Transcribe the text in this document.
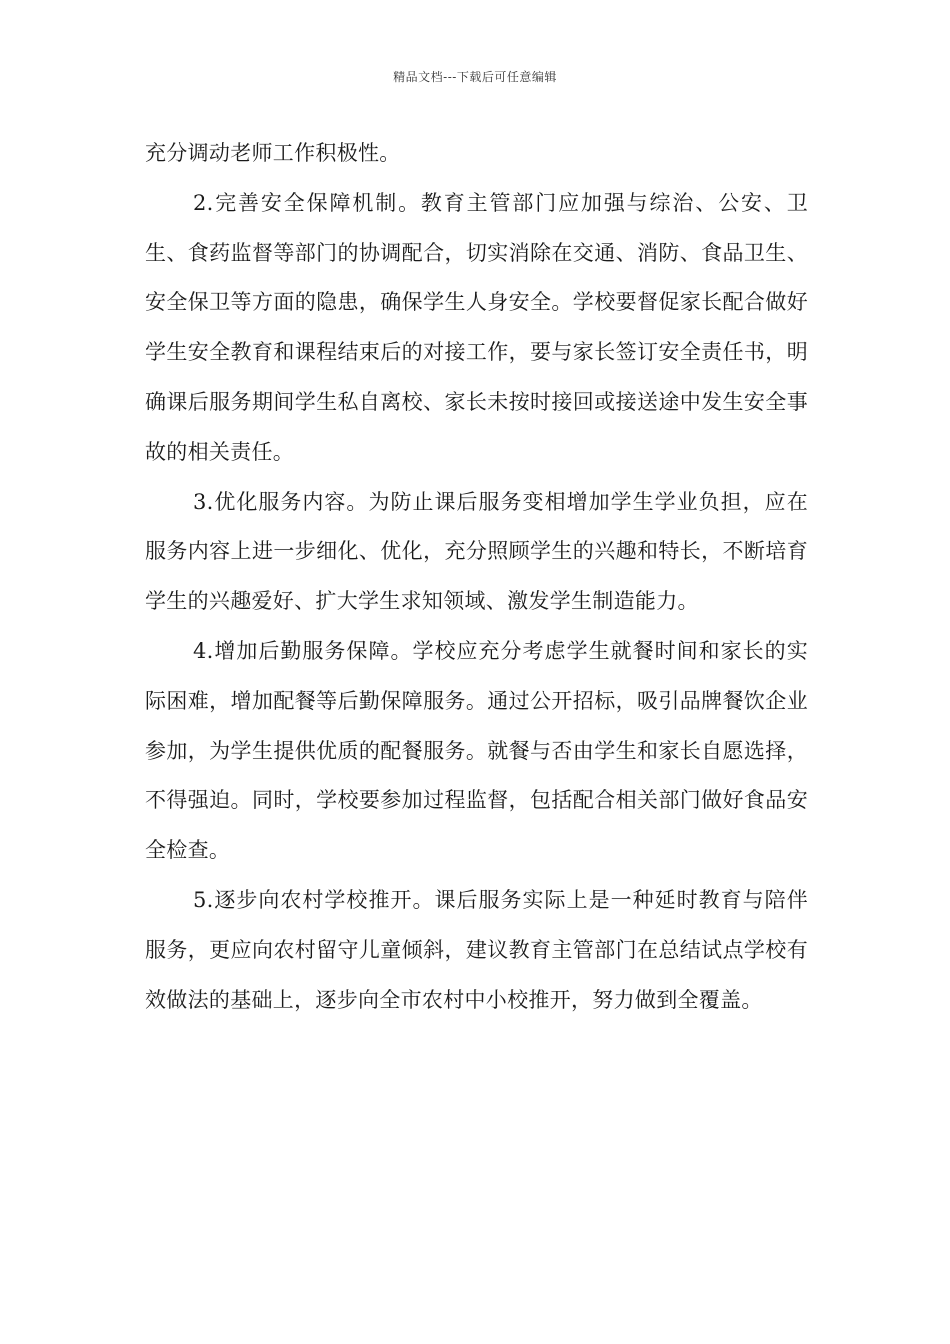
精品文档---下载后可任意编辑

充分调动老师工作积极性。

2.完善安全保障机制。教育主管部门应加强与综治、公安、卫生、食药监督等部门的协调配合，切实消除在交通、消防、食品卫生、安全保卫等方面的隐患，确保学生人身安全。学校要督促家长配合做好学生安全教育和课程结束后的对接工作，要与家长签订安全责任书，明确课后服务期间学生私自离校、家长未按时接回或接送途中发生安全事故的相关责任。

3.优化服务内容。为防止课后服务变相增加学生学业负担，应在服务内容上进一步细化、优化，充分照顾学生的兴趣和特长，不断培育学生的兴趣爱好、扩大学生求知领域、激发学生制造能力。

4.增加后勤服务保障。学校应充分考虑学生就餐时间和家长的实际困难，增加配餐等后勤保障服务。通过公开招标，吸引品牌餐饮企业参加，为学生提供优质的配餐服务。就餐与否由学生和家长自愿选择，不得强迫。同时，学校要参加过程监督，包括配合相关部门做好食品安全检查。

5.逐步向农村学校推开。课后服务实际上是一种延时教育与陪伴服务，更应向农村留守儿童倾斜，建议教育主管部门在总结试点学校有效做法的基础上，逐步向全市农村中小校推开，努力做到全覆盖。
